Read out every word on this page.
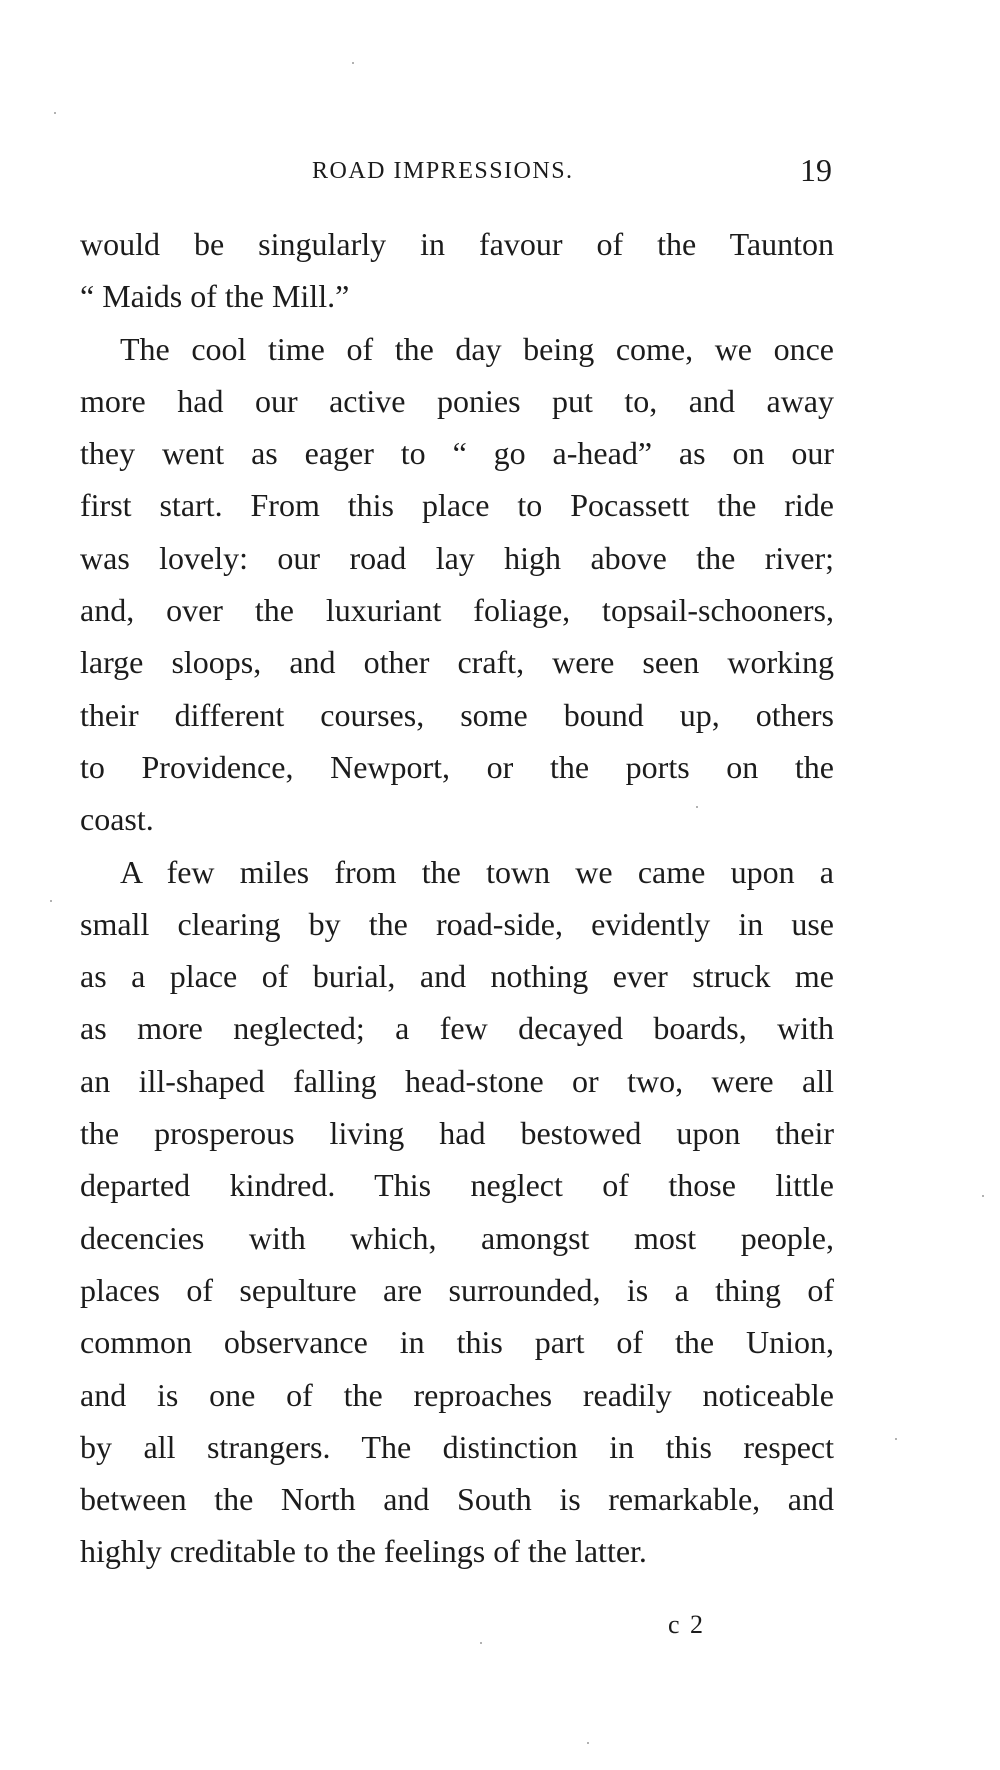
ROAD IMPRESSIONS.	19
would be singularly in favour of the Taunton
“ Maids of the Mill.”
The cool time of the day being come, we once
more had our active ponies put to, and away
they went as eager to “ go a-head” as on our
first start. From this place to Pocassett the ride
was lovely: our road lay high above the river;
and, over the luxuriant foliage, topsail-schooners,
large sloops, and other craft, were seen working
their different courses, some bound up, others
to Providence, Newport, or the ports on the
coast.
A few miles from the town we came upon a
small clearing by the road-side, evidently in use
as a place of burial, and nothing ever struck me
as more neglected; a few decayed boards, with
an ill-shaped falling head-stone or two, were all
the prosperous living had bestowed upon their
departed kindred. This neglect of those little
decencies with which, amongst most people,
places of sepulture are surrounded, is a thing of
common observance in this part of the Union,
and is one of the reproaches readily noticeable
by all strangers. The distinction in this respect
between the North and South is remarkable, and
highly creditable to the feelings of the latter.
c 2
